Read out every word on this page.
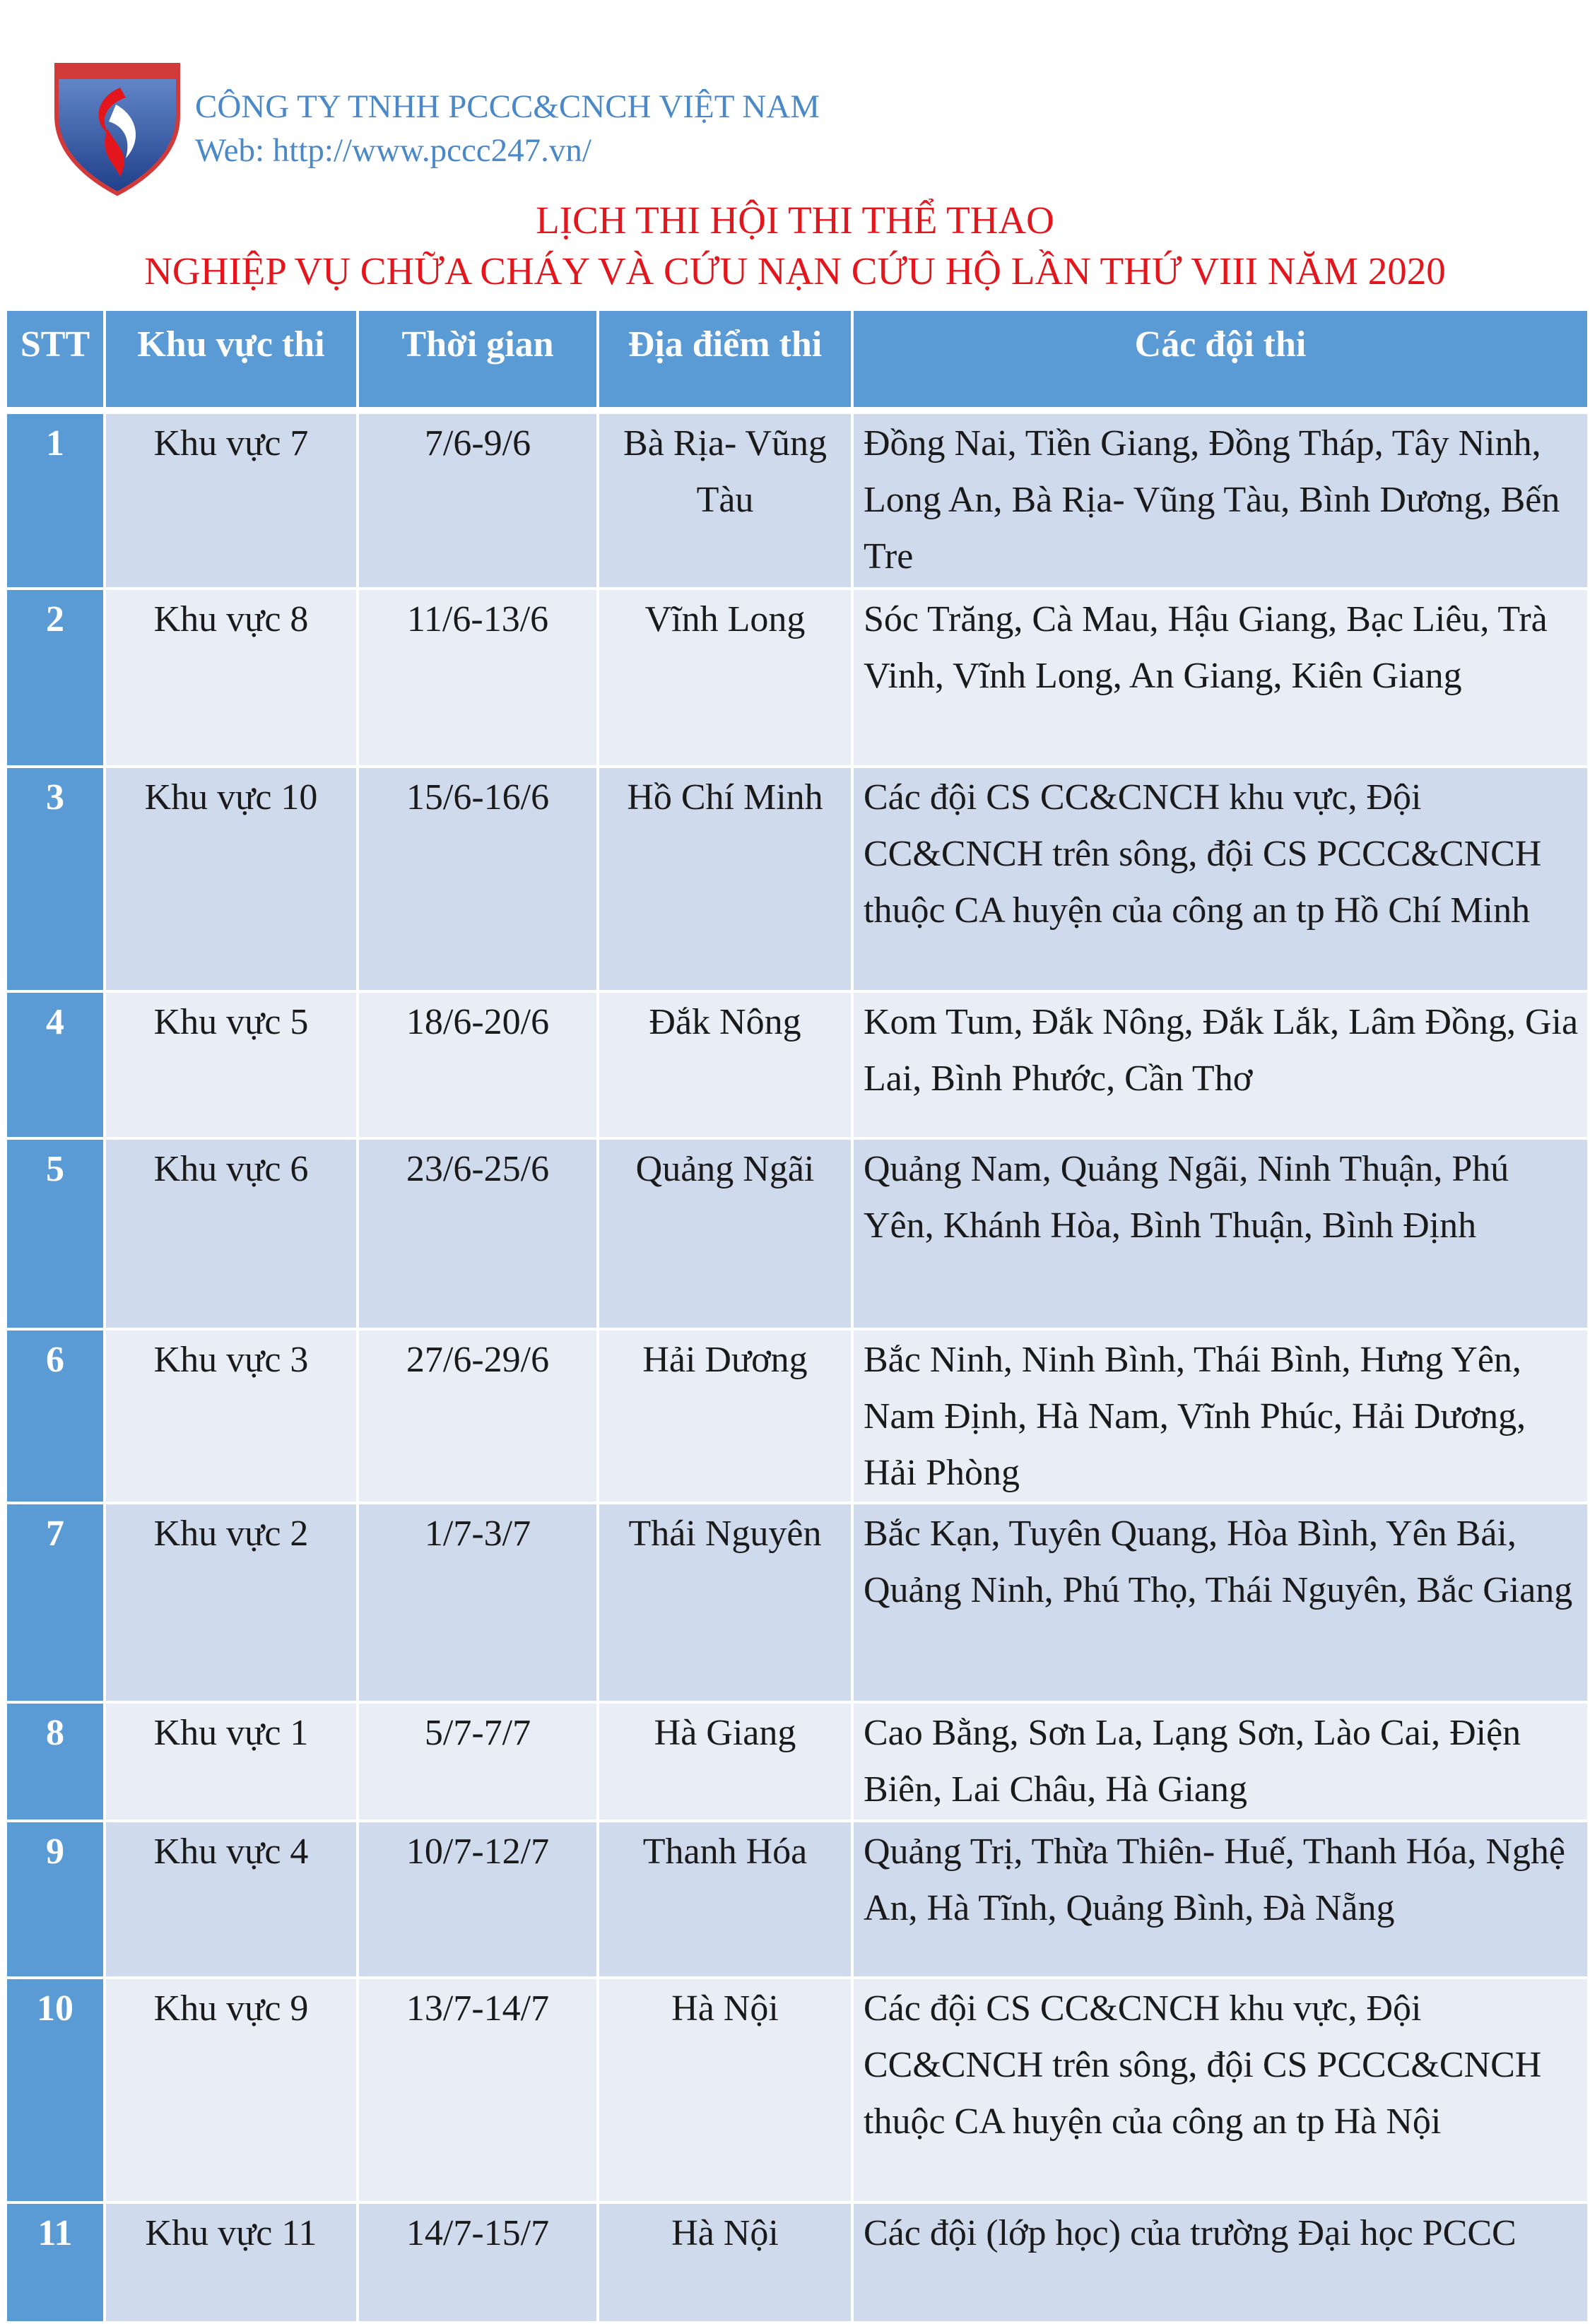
CÔNG TY TNHH PCCC&CNCH VIỆT NAM
Web: http://www.pccc247.vn/
LỊCH THI HỘI THI THỂ THAO
NGHIỆP VỤ CHỮA CHÁY VÀ CỨU NẠN CỨU HỘ LẦN THỨ VIII NĂM 2020
STT	Khu vực thi	Thời gian	Địa điểm thi	Các đội thi
1	Khu vực 7	7/6-9/6	Bà Rịa- Vũng Tàu	Đồng Nai, Tiền Giang, Đồng Tháp, Tây Ninh, Long An, Bà Rịa- Vũng Tàu, Bình Dương, Bến Tre
2	Khu vực 8	11/6-13/6	Vĩnh Long	Sóc Trăng, Cà Mau, Hậu Giang, Bạc Liêu, Trà Vinh, Vĩnh Long, An Giang, Kiên Giang
3	Khu vực 10	15/6-16/6	Hồ Chí Minh	Các đội CS CC&CNCH khu vực, Đội CC&CNCH trên sông, đội CS PCCC&CNCH thuộc CA huyện của công an tp Hồ Chí Minh
4	Khu vực 5	18/6-20/6	Đắk Nông	Kom Tum, Đắk Nông, Đắk Lắk, Lâm Đồng, Gia Lai, Bình Phước, Cần Thơ
5	Khu vực 6	23/6-25/6	Quảng Ngãi	Quảng Nam, Quảng Ngãi, Ninh Thuận, Phú Yên, Khánh Hòa, Bình Thuận, Bình Định
6	Khu vực 3	27/6-29/6	Hải Dương	Bắc Ninh, Ninh Bình, Thái Bình, Hưng Yên, Nam Định, Hà Nam, Vĩnh Phúc, Hải Dương, Hải Phòng
7	Khu vực 2	1/7-3/7	Thái Nguyên	Bắc Kạn, Tuyên Quang, Hòa Bình, Yên Bái, Quảng Ninh, Phú Thọ, Thái Nguyên, Bắc Giang
8	Khu vực 1	5/7-7/7	Hà Giang	Cao Bằng, Sơn La, Lạng Sơn, Lào Cai, Điện Biên, Lai Châu, Hà Giang
9	Khu vực 4	10/7-12/7	Thanh Hóa	Quảng Trị, Thừa Thiên- Huế, Thanh Hóa, Nghệ An, Hà Tĩnh, Quảng Bình, Đà Nẵng
10	Khu vực 9	13/7-14/7	Hà Nội	Các đội CS CC&CNCH khu vực, Đội CC&CNCH trên sông, đội CS PCCC&CNCH thuộc CA huyện của công an tp Hà Nội
11	Khu vực 11	14/7-15/7	Hà Nội	Các đội (lớp học) của trường Đại học PCCC
